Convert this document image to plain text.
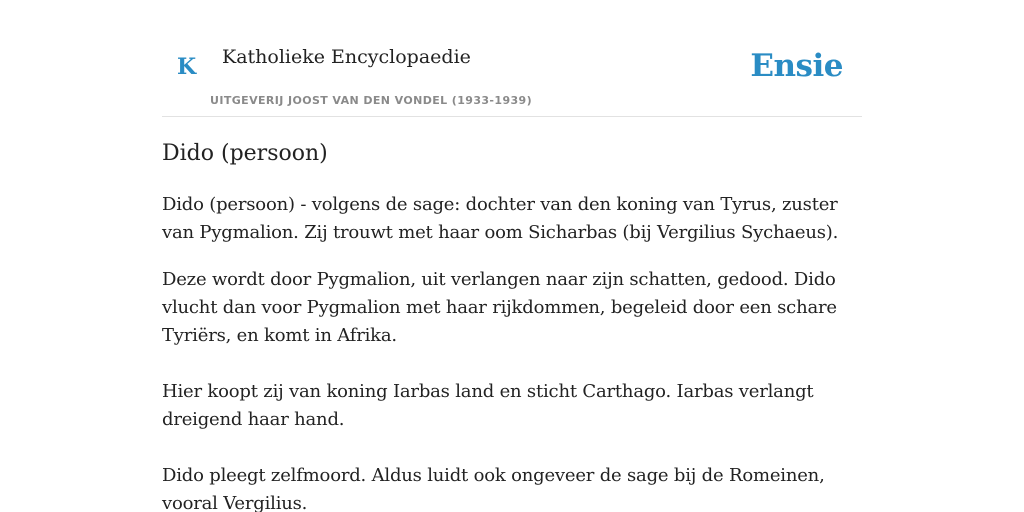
K Katholieke Encyclopaedie
UITGEVERIJ JOOST VAN DEN VONDEL (1933-1939)
Ensie
Dido (persoon)

Dido (persoon) - volgens de sage: dochter van den koning van Tyrus, zuster van Pygmalion. Zij trouwt met haar oom Sicharbas (bij Vergilius Sychaeus).

Deze wordt door Pygmalion, uit verlangen naar zijn schatten, gedood. Dido vlucht dan voor Pygmalion met haar rijkdommen, begeleid door een schare Tyriërs, en komt in Afrika.

Hier koopt zij van koning Iarbas land en sticht Carthago. Iarbas verlangt dreigend haar hand.

Dido pleegt zelfmoord. Aldus luidt ook ongeveer de sage bij de Romeinen, vooral Vergilius.
